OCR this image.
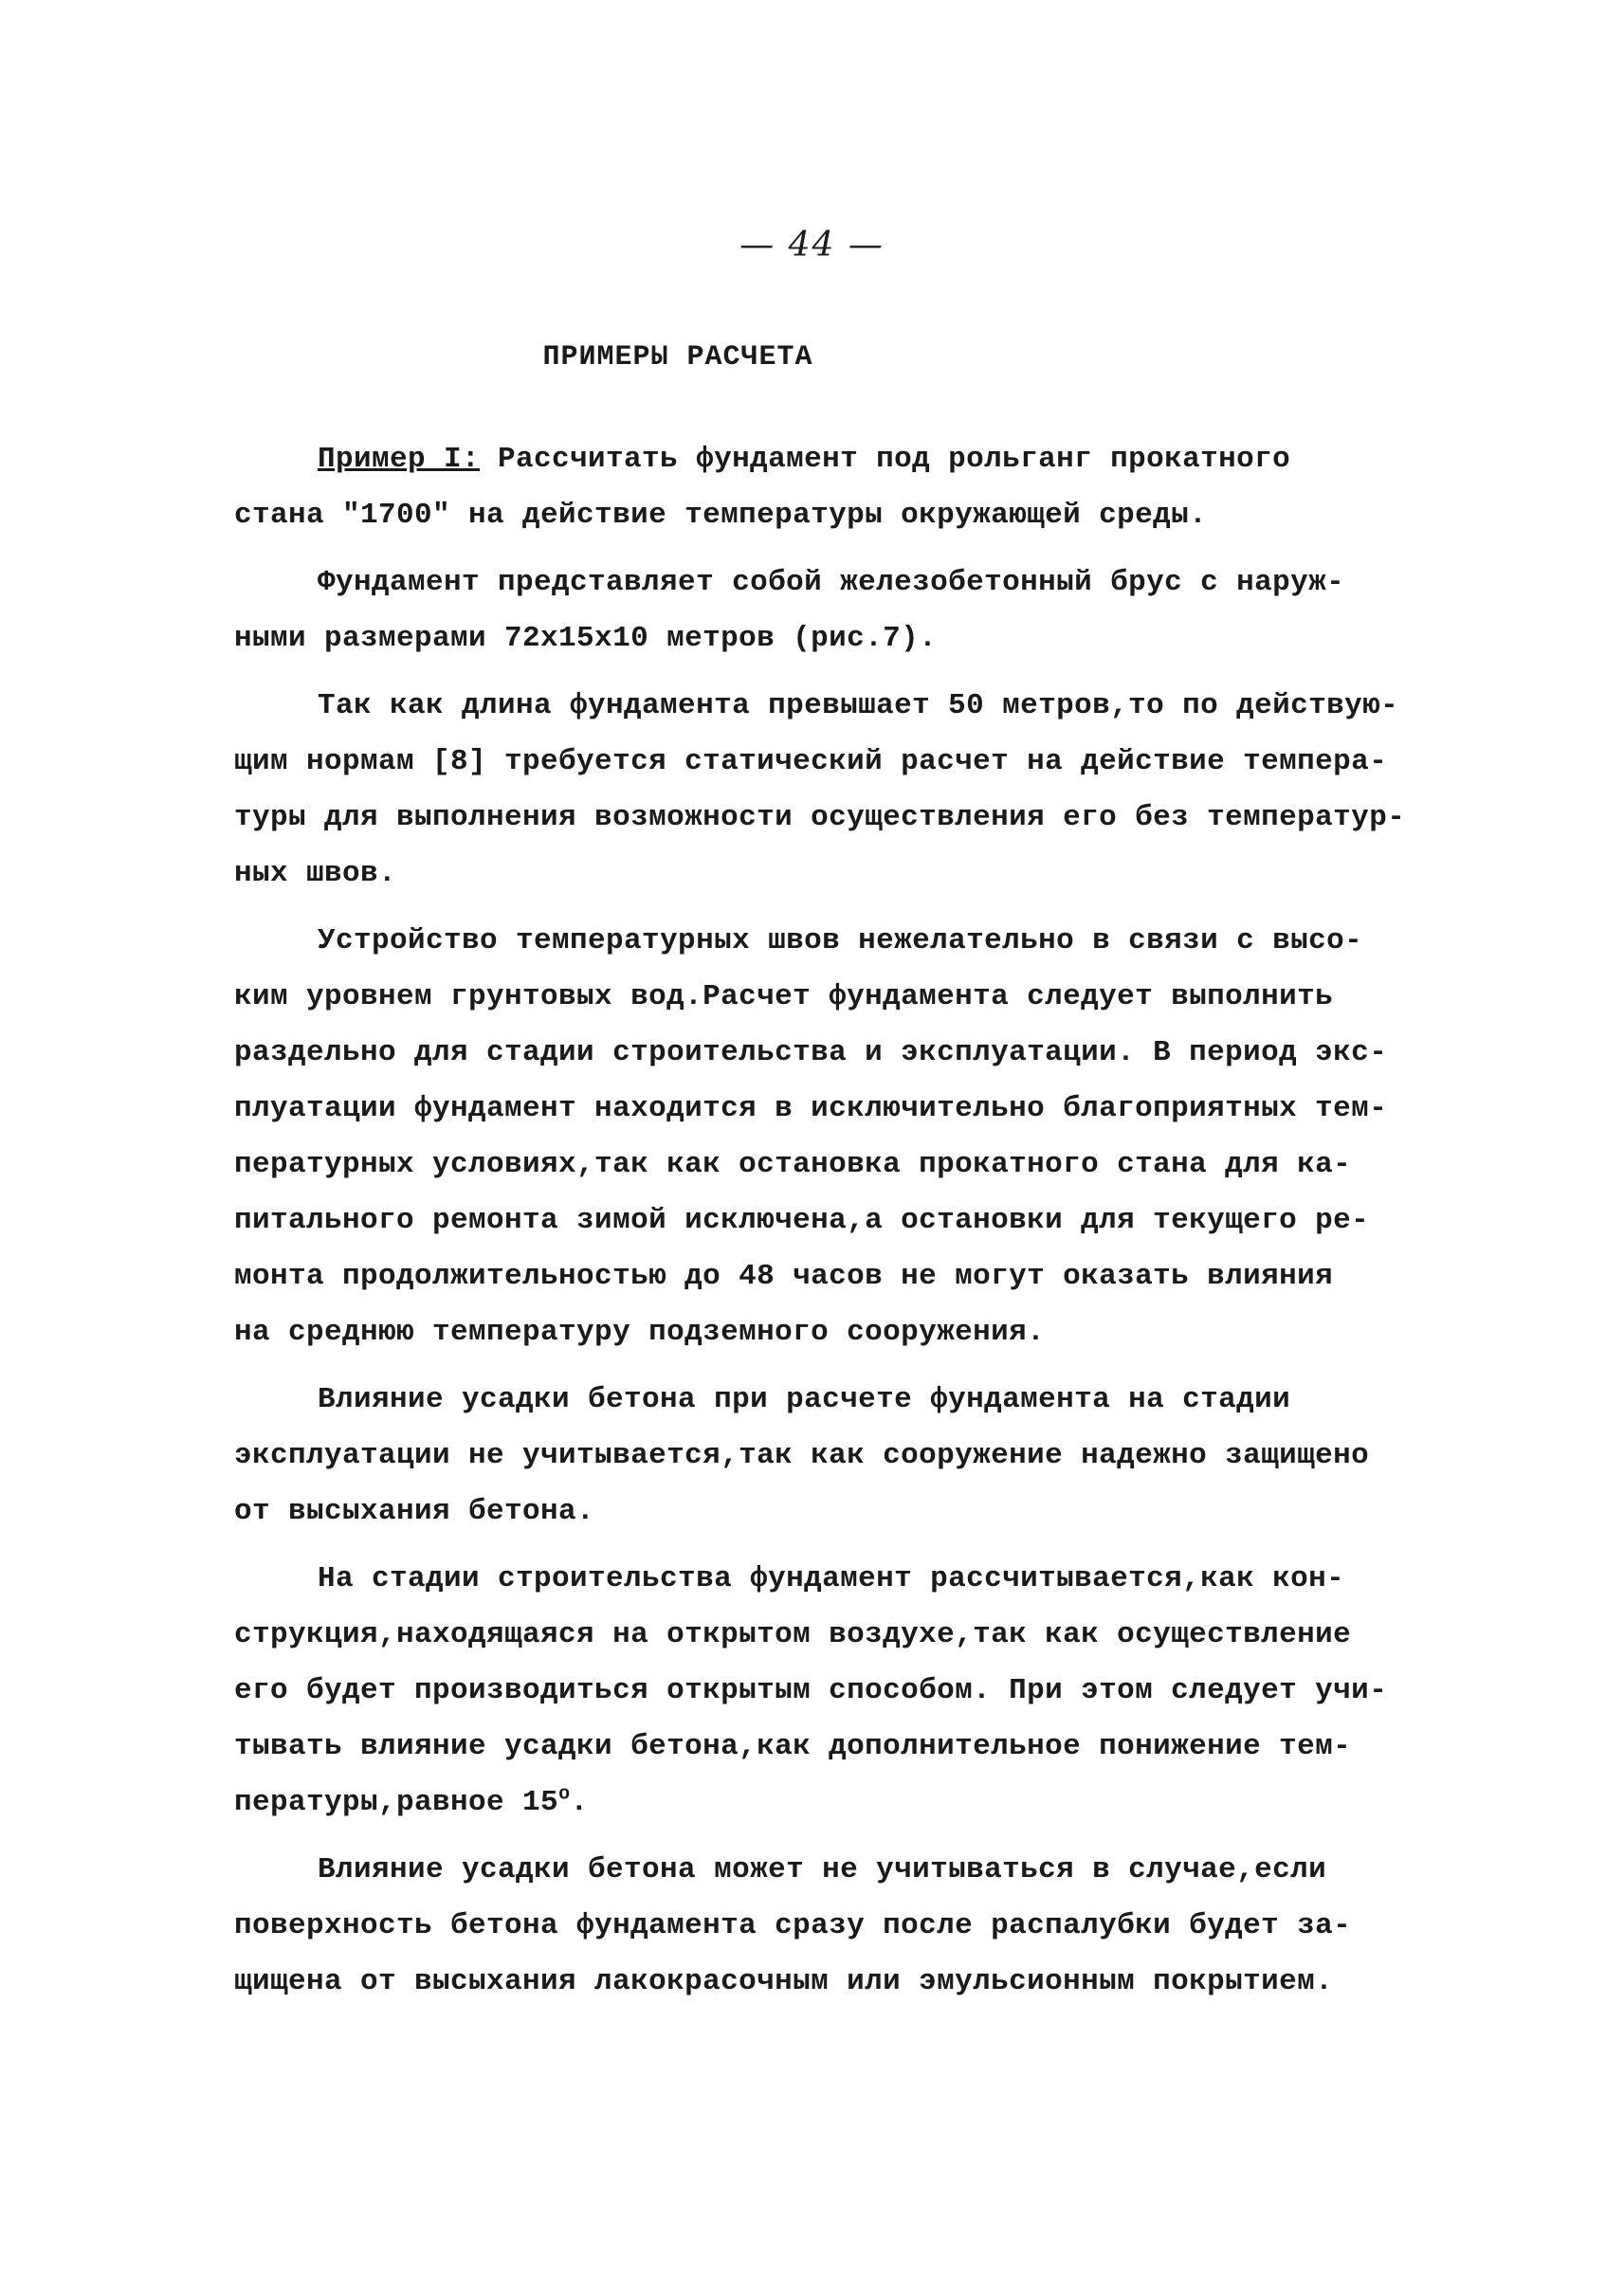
— 44 —
ПРИМЕРЫ РАСЧЕТА
Пример I: Рассчитать фундамент под рольганг прокатного
стана "1700" на действие температуры окружающей среды.
Фундамент представляет собой железобетонный брус с наруж-
ными размерами 72x15x10 метров (рис.7).
Так как длина фундамента превышает 50 метров,то по действую-
щим нормам [8] требуется статический расчет на действие темпера-
туры для выполнения возможности осуществления его без температур-
ных швов.
Устройство температурных швов нежелательно в связи с высо-
ким уровнем грунтовых вод.Расчет фундамента следует выполнить
раздельно для стадии строительства и эксплуатации. В период экс-
плуатации фундамент находится в исключительно благоприятных тем-
пературных условиях,так как остановка прокатного стана для ка-
питального ремонта зимой исключена,а остановки для текущего ре-
монта продолжительностью до 48 часов не могут оказать влияния
на среднюю температуру подземного сооружения.
Влияние усадки бетона при расчете фундамента на стадии
эксплуатации не учитывается,так как сооружение надежно защищено
от высыхания бетона.
На стадии строительства фундамент рассчитывается,как кон-
струкция,находящаяся на открытом воздухе,так как осуществление
его будет производиться открытым способом. При этом следует учи-
тывать влияние усадки бетона,как дополнительное понижение тем-
пературы,равное $15^о$.
Влияние усадки бетона может не учитываться в случае,если
поверхность бетона фундамента сразу после распалубки будет за-
щищена от высыхания лакокрасочным или эмульсионным покрытием.
